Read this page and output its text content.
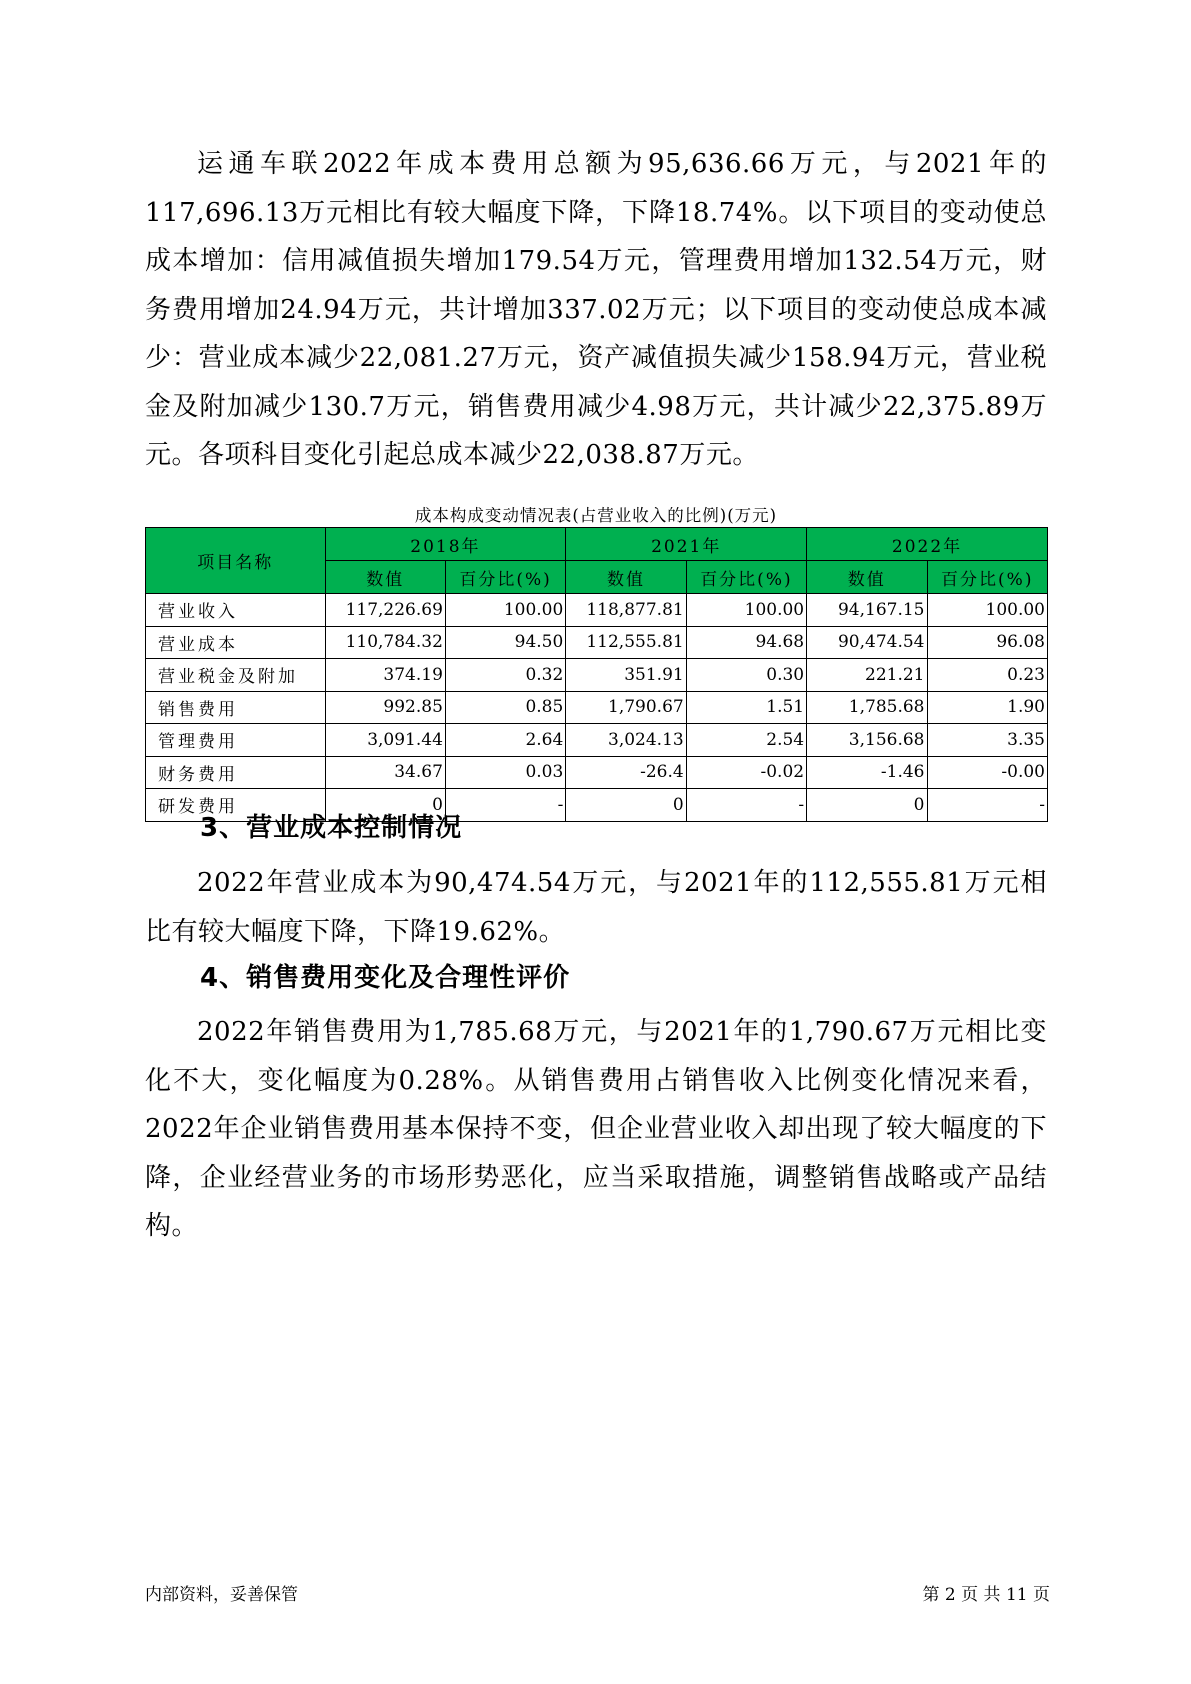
运通车联2022年成本费用总额为95,636.66万元，与2021年的117,696.13万元相比有较大幅度下降，下降18.74%。以下项目的变动使总成本增加：信用减值损失增加179.54万元，管理费用增加132.54万元，财务费用增加24.94万元，共计增加337.02万元；以下项目的变动使总成本减少：营业成本减少22,081.27万元，资产减值损失减少158.94万元，营业税金及附加减少130.7万元，销售费用减少4.98万元，共计减少22,375.89万元。各项科目变化引起总成本减少22,038.87万元。

成本构成变动情况表(占营业收入的比例)(万元)

项目名称	2018年		2021年		2022年	
	数值	百分比(%)	数值	百分比(%)	数值	百分比(%)
营业收入	117,226.69	100.00	118,877.81	100.00	94,167.15	100.00
营业成本	110,784.32	94.50	112,555.81	94.68	90,474.54	96.08
营业税金及附加	374.19	0.32	351.91	0.30	221.21	0.23
销售费用	992.85	0.85	1,790.67	1.51	1,785.68	1.90
管理费用	3,091.44	2.64	3,024.13	2.54	3,156.68	3.35
财务费用	34.67	0.03	-26.4	-0.02	-1.46	-0.00
研发费用	0	-	0	-	0	-

3、营业成本控制情况

2022年营业成本为90,474.54万元，与2021年的112,555.81万元相比有较大幅度下降，下降19.62%。

4、销售费用变化及合理性评价

2022年销售费用为1,785.68万元，与2021年的1,790.67万元相比变化不大，变化幅度为0.28%。从销售费用占销售收入比例变化情况来看，2022年企业销售费用基本保持不变，但企业营业收入却出现了较大幅度的下降，企业经营业务的市场形势恶化，应当采取措施，调整销售战略或产品结构。

内部资料，妥善保管	第 2 页 共 11 页
